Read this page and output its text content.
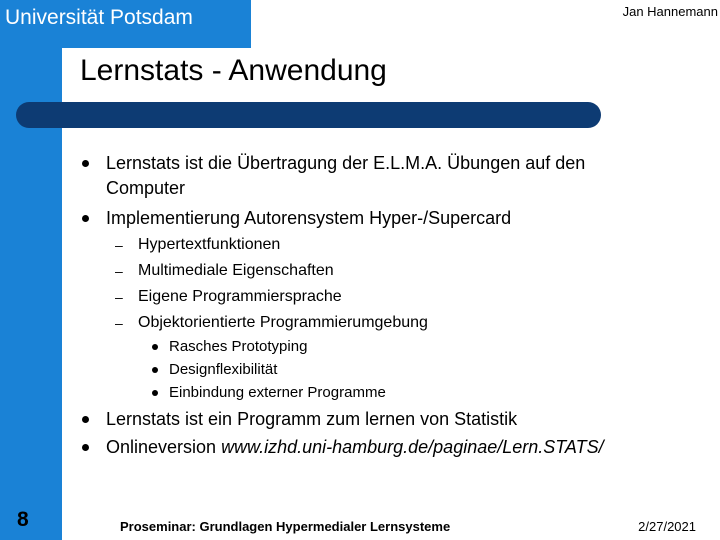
Universität Potsdam	Jan Hannemann
Lernstats - Anwendung
Lernstats ist die Übertragung der E.L.M.A. Übungen auf den
Computer
Implementierung Autorensystem Hyper-/Supercard
– Hypertextfunktionen
– Multimediale Eigenschaften
– Eigene Programmiersprache
– Objektorientierte Programmierumgebung
Rasches Prototyping
Designflexibilität
Einbindung externer Programme
Lernstats ist ein Programm zum lernen von Statistik
Onlineversion www.izhd.uni-hamburg.de/paginae/Lern.STATS/
8	Proseminar: Grundlagen Hypermedialer Lernsysteme	2/27/2021
